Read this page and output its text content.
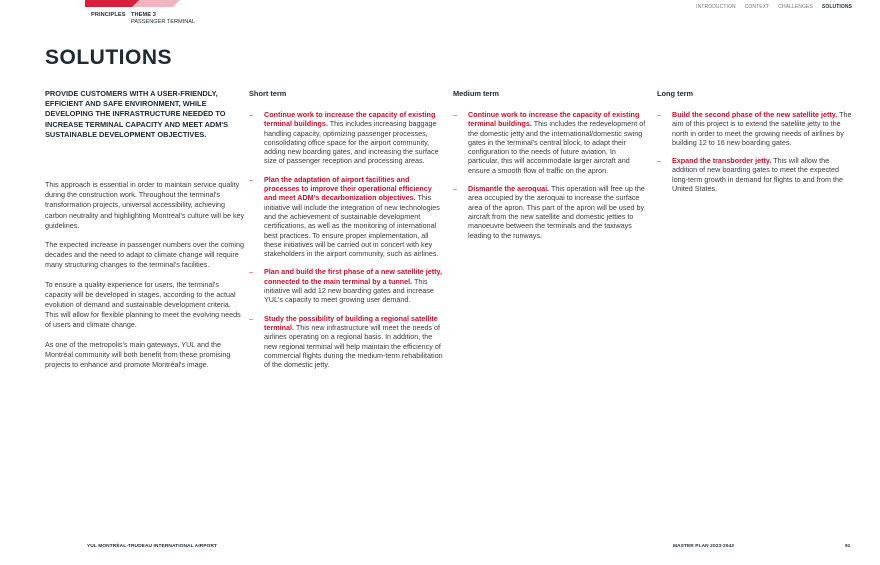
PRINCIPLES THEME 3
PASSENGER TERMINAL
INTRODUCTION CONTEXT CHALLENGES SOLUTIONS
SOLUTIONS
PROVIDE CUSTOMERS WITH A USER-FRIENDLY, EFFICIENT AND SAFE ENVIRONMENT, WHILE DEVELOPING THE INFRASTRUCTURE NEEDED TO INCREASE TERMINAL CAPACITY AND MEET ADM'S SUSTAINABLE DEVELOPMENT OBJECTIVES.

This approach is essential in order to maintain service quality during the construction work. Throughout the terminal's transformation projects, universal accessibility, achieving carbon neutrality and highlighting Montréal's culture will be key guidelines.

The expected increase in passenger numbers over the coming decades and the need to adapt to climate change will require many structuring changes to the terminal's facilities.

To ensure a quality experience for users, the terminal's capacity will be developed in stages, according to the actual evolution of demand and sustainable development criteria. This will allow for flexible planning to meet the evolving needs of users and climate change.

As one of the metropolis's main gateways, YUL and the Montréal community will both benefit from these promising projects to enhance and promote Montréal's image.

Short term
–	Continue work to increase the capacity of existing terminal buildings. This includes increasing baggage handling capacity, optimizing passenger processes, consolidating office space for the airport community, adding new boarding gates, and increasing the surface size of passenger reception and processing areas.
–	Plan the adaptation of airport facilities and processes to improve their operational efficiency and meet ADM's decarbonization objectives. This initiative will include the integration of new technologies and the achievement of sustainable development certifications, as well as the monitoring of international best practices. To ensure proper implementation, all these initiatives will be carried out in concert with key stakeholders in the airport community, such as airlines.
–	Plan and build the first phase of a new satellite jetty, connected to the main terminal by a tunnel. This initiative will add 12 new boarding gates and increase YUL's capacity to meet growing user demand.
–	Study the possibility of building a regional satellite terminal. This new infrastructure will meet the needs of airlines operating on a regional basis. In addition, the new regional terminal will help maintain the efficiency of commercial flights during the medium-term rehabilitation of the domestic jetty.
Medium term
–	Continue work to increase the capacity of existing terminal buildings. This includes the redevelopment of the domestic jetty and the international/domestic swing gates in the terminal's central block, to adapt their configuration to the needs of future aviation. In particular, this will accommodate larger aircraft and ensure a smooth flow of traffic on the apron.
–	Dismantle the aeroquai. This operation will free up the area occupied by the aeroquai to increase the surface area of the apron. This part of the apron will be used by aircraft from the new satellite and domestic jetties to manoeuvre between the terminals and the taxiways leading to the runways.
Long term
–	Build the second phase of the new satellite jetty. The aim of this project is to extend the satellite jetty to the north in order to meet the growing needs of airlines by building 12 to 16 new boarding gates.
–	Expand the transborder jetty. This will allow the addition of new boarding gates to meet the expected long-term growth in demand for flights to and from the United States.
YUL MONTRÉAL-TRUDEAU INTERNATIONAL AIRPORT	MASTER PLAN 2023-2043	91
